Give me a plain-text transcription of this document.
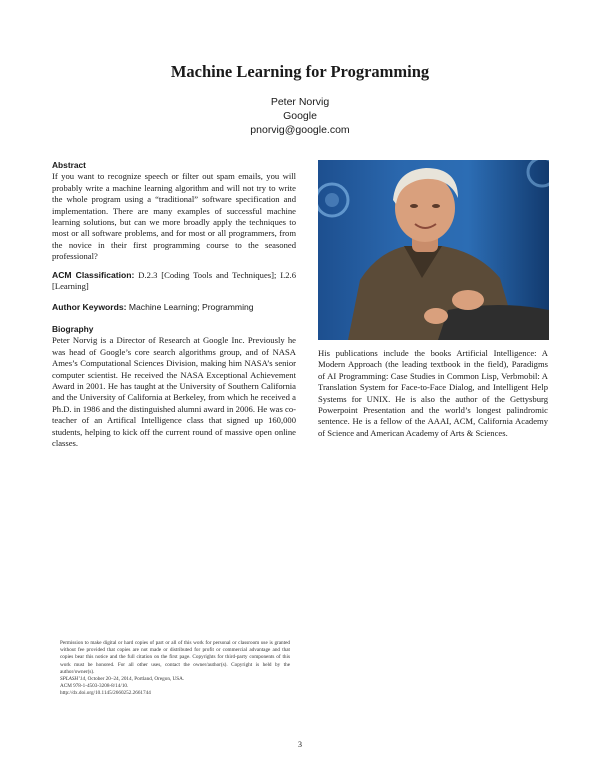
Machine Learning for Programming
Peter Norvig
Google
pnorvig@google.com

Abstract

If you want to recognize speech or filter out spam emails, you will probably write a machine learning algorithm and will not try to write the whole program using a “traditional” software specification and implementation. There are many examples of successful machine learning solutions, but can we more broadly apply the techniques to most or all software problems, and for most or all programmers, from the novice in their first programming course to the seasoned professional?

ACM Classification: D.2.3 [Coding Tools and Techniques]; I.2.6 [Learning]

Author Keywords: Machine Learning; Programming

Biography

Peter Norvig is a Director of Research at Google Inc. Previously he was head of Google’s core search algorithms group, and of NASA Ames’s Computational Sciences Division, making him NASA’s senior computer scientist. He received the NASA Exceptional Achievement Award in 2001. He has taught at the University of Southern California and the University of California at Berkeley, from which he received a Ph.D. in 1986 and the distinguished alumni award in 2006. He was co-teacher of an Artifical Intelligence class that signed up 160,000 students, helping to kick off the current round of massive open online classes.

His publications include the books Artificial Intelligence: A Modern Approach (the leading textbook in the field), Paradigms of AI Programming: Case Studies in Common Lisp, Verbmobil: A Translation System for Face-to-Face Dialog, and Intelligent Help Systems for UNIX. He is also the author of the Gettysburg Powerpoint Presentation and the world’s longest palindromic sentence. He is a fellow of the AAAI, ACM, California Academy of Science and American Academy of Arts & Sciences.

Permission to make digital or hard copies of part or all of this work for personal or classroom use is granted without fee provided that copies are not made or distributed for profit or commercial advantage and that copies bear this notice and the full citation on the first page. Copyrights for third-party components of this work must be honored. For all other uses, contact the owner/author(s). Copyright is held by the author/owner(s).

SPLASH’14, October 20–24, 2014, Portland, Oregon, USA.

ACM 978-1-4503-3208-8/14/10.

http://dx.doi.org/10.1145/2660252.2661744

3
